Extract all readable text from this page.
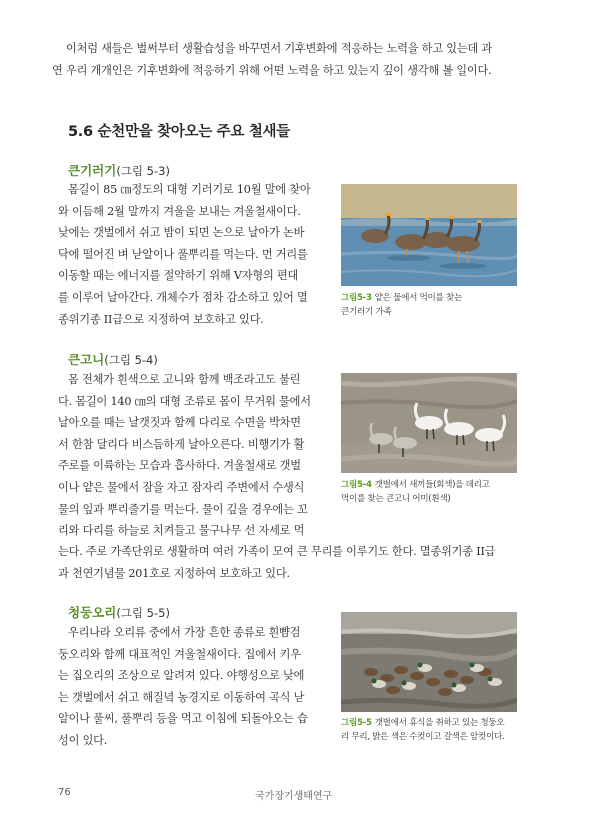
이처럼 새들은 벌써부터 생활습성을 바꾸면서 기후변화에 적응하는 노력을 하고 있는데 과
연 우리 개개인은 기후변화에 적응하기 위해 어떤 노력을 하고 있는지 깊이 생각해 볼 일이다.
5.6 순천만을 찾아오는 주요 철새들
큰기러기(그림 5-3)
몸길이 85 ㎝정도의 대형 기러기로 10월 말에 찾아
와 이듬해 2월 말까지 겨울을 보내는 겨울철새이다.
낮에는 갯벌에서 쉬고 밤이 되면 논으로 날아가 논바
닥에 떨어진 벼 낟알이나 풀뿌리를 먹는다. 먼 거리를
이동할 때는 에너지를 절약하기 위해 V자형의 편대
를 이루어 날아간다. 개체수가 점차 감소하고 있어 멸
종위기종 II급으로 지정하여 보호하고 있다.
그림5-3 얕은 물에서 먹이를 찾는
큰기러기 가족
큰고니(그림 5-4)
몸 전체가 흰색으로 고니와 함께 백조라고도 불린
다. 몸길이 140 ㎝의 대형 조류로 몸이 무거워 물에서
날아오를 때는 날갯짓과 함께 다리로 수면을 박차면
서 한참 달리다 비스듬하게 날아오른다. 비행기가 활
주로를 이륙하는 모습과 흡사하다. 겨울철새로 갯벌
이나 얕은 물에서 잠을 자고 잠자리 주변에서 수생식
물의 잎과 뿌리줄기를 먹는다. 물이 깊을 경우에는 꼬
리와 다리를 하늘로 치켜들고 물구나무 선 자세로 먹
는다. 주로 가족단위로 생활하며 여러 가족이 모여 큰 무리를 이루기도 한다. 멸종위기종 II급
과 천연기념물 201호로 지정하여 보호하고 있다.
그림5-4 갯벌에서 새끼들(회색)을 데리고
먹이를 찾는 큰고니 어미(흰색)
청둥오리(그림 5-5)
우리나라 오리류 중에서 가장 흔한 종류로 흰뺨검
둥오리와 함께 대표적인 겨울철새이다. 집에서 키우
는 집오리의 조상으로 알려져 있다. 야행성으로 낮에
는 갯벌에서 쉬고 해질녘 농경지로 이동하여 곡식 낟
알이나 풀씨, 풀뿌리 등을 먹고 이침에 되돌아오는 습
성이 있다.
그림5-5 갯벌에서 휴식을 취하고 있는 청둥오
리 무리, 밝은 색은 수컷이고 갈색은 암컷이다.
76	국가장기생태연구
